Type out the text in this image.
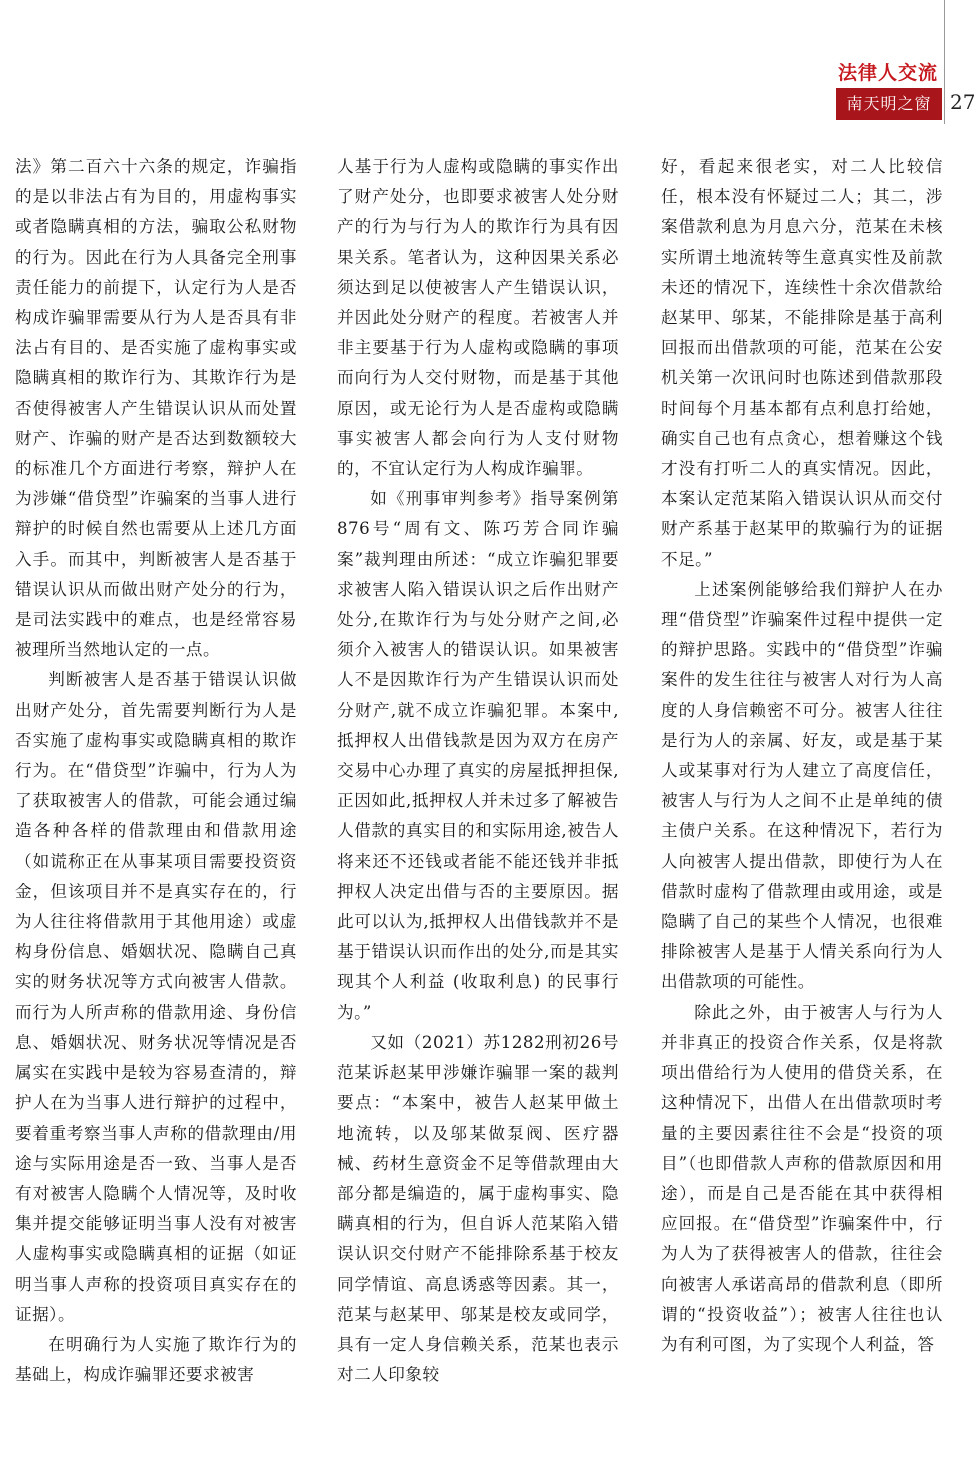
法律人交流
南天明之窗 27

法》第二百六十六条的规定，诈骗指的是以非法占有为目的，用虚构事实或者隐瞒真相的方法，骗取公私财物的行为。因此在行为人具备完全刑事责任能力的前提下，认定行为人是否构成诈骗罪需要从行为人是否具有非法占有目的、是否实施了虚构事实或隐瞒真相的欺诈行为、其欺诈行为是否使得被害人产生错误认识从而处置财产、诈骗的财产是否达到数额较大的标准几个方面进行考察，辩护人在为涉嫌“借贷型”诈骗案的当事人进行辩护的时候自然也需要从上述几方面入手。而其中，判断被害人是否基于错误认识从而做出财产处分的行为，是司法实践中的难点，也是经常容易被理所当然地认定的一点。

判断被害人是否基于错误认识做出财产处分，首先需要判断行为人是否实施了虚构事实或隐瞒真相的欺诈行为。在“借贷型”诈骗中，行为人为了获取被害人的借款，可能会通过编造各种各样的借款理由和借款用途（如谎称正在从事某项目需要投资资金，但该项目并不是真实存在的，行为人往往将借款用于其他用途）或虚构身份信息、婚姻状况、隐瞒自己真实的财务状况等方式向被害人借款。而行为人所声称的借款用途、身份信息、婚姻状况、财务状况等情况是否属实在实践中是较为容易查清的，辩护人在为当事人进行辩护的过程中，要着重考察当事人声称的借款理由/用途与实际用途是否一致、当事人是否有对被害人隐瞒个人情况等，及时收集并提交能够证明当事人没有对被害人虚构事实或隐瞒真相的证据（如证明当事人声称的投资项目真实存在的证据）。

在明确行为人实施了欺诈行为的基础上，构成诈骗罪还要求被害

人基于行为人虚构或隐瞒的事实作出了财产处分，也即要求被害人处分财产的行为与行为人的欺诈行为具有因果关系。笔者认为，这种因果关系必须达到足以使被害人产生错误认识，并因此处分财产的程度。若被害人并非主要基于行为人虚构或隐瞒的事项而向行为人交付财物，而是基于其他原因，或无论行为人是否虚构或隐瞒事实被害人都会向行为人支付财物的，不宜认定行为人构成诈骗罪。

如《刑事审判参考》指导案例第876号“周有文、陈巧芳合同诈骗案”裁判理由所述：“成立诈骗犯罪要求被害人陷入错误认识之后作出财产处分,在欺诈行为与处分财产之间,必须介入被害人的错误认识。如果被害人不是因欺诈行为产生错误认识而处分财产,就不成立诈骗犯罪。本案中,抵押权人出借钱款是因为双方在房产交易中心办理了真实的房屋抵押担保,正因如此,抵押权人并未过多了解被告人借款的真实目的和实际用途,被告人将来还不还钱或者能不能还钱并非抵押权人决定出借与否的主要原因。据此可以认为,抵押权人出借钱款并不是基于错误认识而作出的处分,而是其实现其个人利益 (收取利息) 的民事行为。”

又如（2021）苏1282刑初26号范某诉赵某甲涉嫌诈骗罪一案的裁判要点：“本案中，被告人赵某甲做土地流转，以及邬某做泵阀、医疗器械、药材生意资金不足等借款理由大部分都是编造的，属于虚构事实、隐瞒真相的行为，但自诉人范某陷入错误认识交付财产不能排除系基于校友同学情谊、高息诱惑等因素。其一，范某与赵某甲、邬某是校友或同学，具有一定人身信赖关系，范某也表示对二人印象较

好，看起来很老实，对二人比较信任，根本没有怀疑过二人；其二，涉案借款利息为月息六分，范某在未核实所谓土地流转等生意真实性及前款未还的情况下，连续性十余次借款给赵某甲、邬某，不能排除是基于高利回报而出借款项的可能，范某在公安机关第一次讯问时也陈述到借款那段时间每个月基本都有点利息打给她，确实自己也有点贪心，想着赚这个钱才没有打听二人的真实情况。因此，本案认定范某陷入错误认识从而交付财产系基于赵某甲的欺骗行为的证据不足。”

上述案例能够给我们辩护人在办理“借贷型”诈骗案件过程中提供一定的辩护思路。实践中的“借贷型”诈骗案件的发生往往与被害人对行为人高度的人身信赖密不可分。被害人往往是行为人的亲属、好友，或是基于某人或某事对行为人建立了高度信任，被害人与行为人之间不止是单纯的债主债户关系。在这种情况下，若行为人向被害人提出借款，即使行为人在借款时虚构了借款理由或用途，或是隐瞒了自己的某些个人情况，也很难排除被害人是基于人情关系向行为人出借款项的可能性。

除此之外，由于被害人与行为人并非真正的投资合作关系，仅是将款项出借给行为人使用的借贷关系，在这种情况下，出借人在出借款项时考量的主要因素往往不会是“投资的项目”（也即借款人声称的借款原因和用途），而是自己是否能在其中获得相应回报。在“借贷型”诈骗案件中，行为人为了获得被害人的借款，往往会向被害人承诺高昂的借款利息（即所谓的“投资收益”）；被害人往往也认为有利可图，为了实现个人利益，答
